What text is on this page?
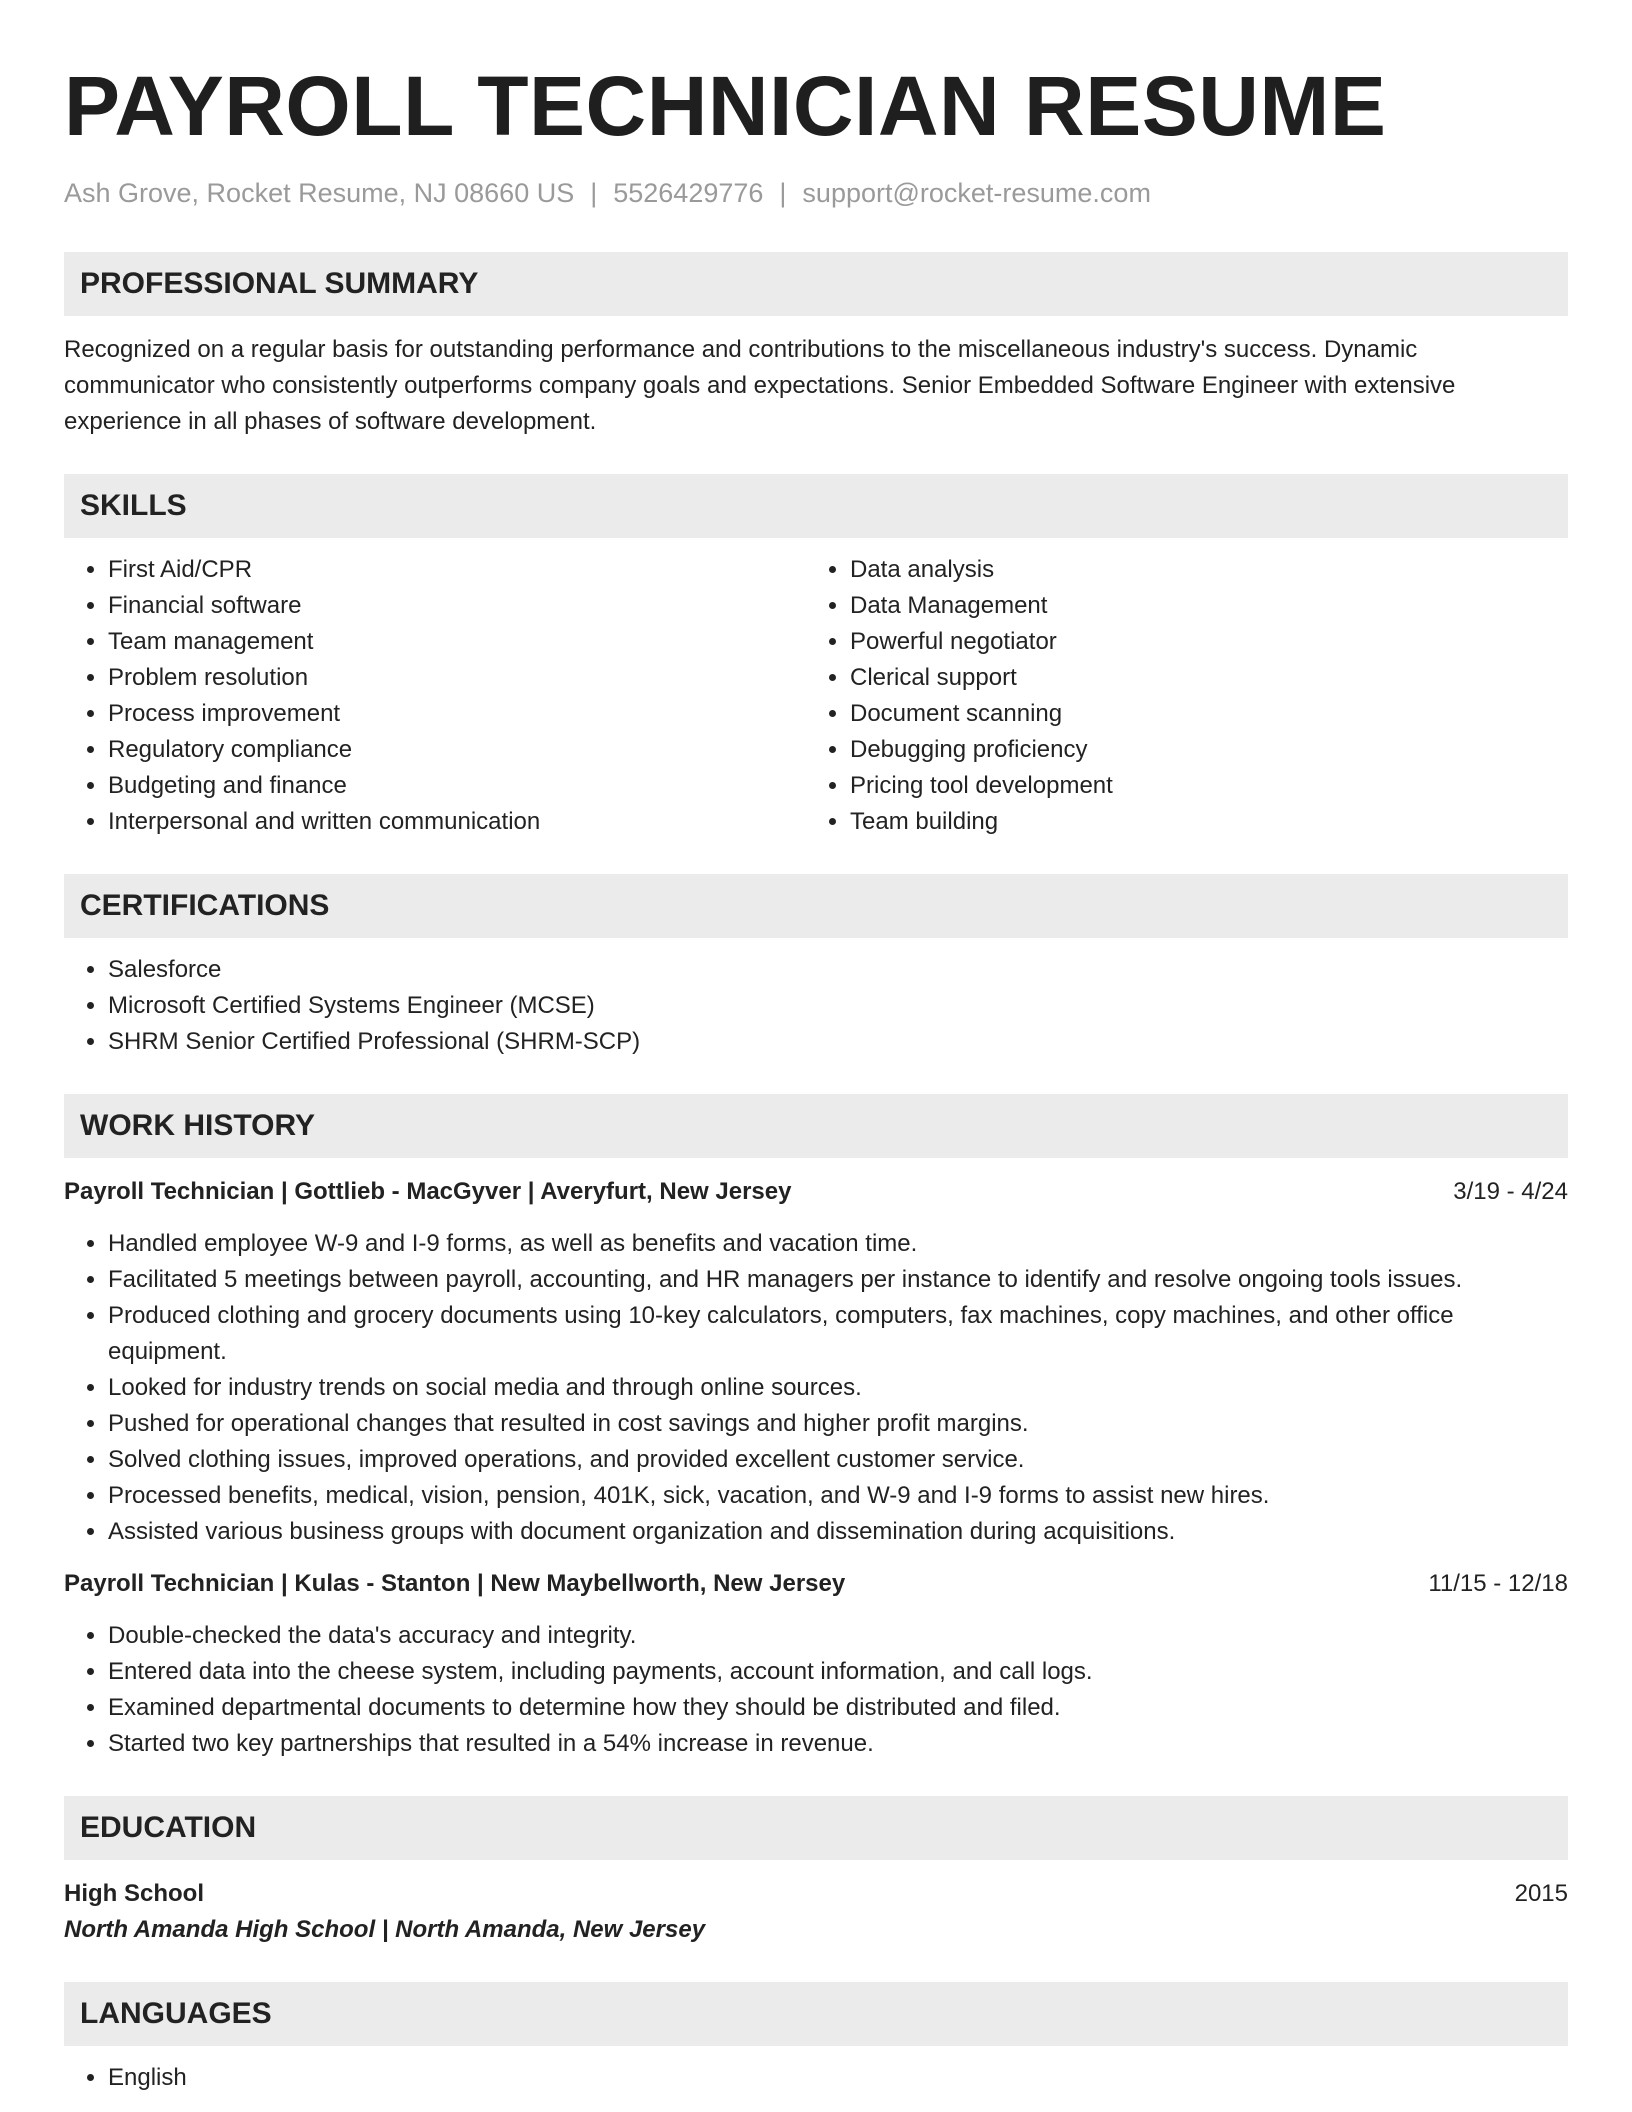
PAYROLL TECHNICIAN RESUME
Ash Grove, Rocket Resume, NJ 08660 US | 5526429776 | support@rocket-resume.com
PROFESSIONAL SUMMARY

Recognized on a regular basis for outstanding performance and contributions to the miscellaneous industry's success. Dynamic communicator who consistently outperforms company goals and expectations. Senior Embedded Software Engineer with extensive experience in all phases of software development.

SKILLS
• First Aid/CPR
• Financial software
• Team management
• Problem resolution
• Process improvement
• Regulatory compliance
• Budgeting and finance
• Interpersonal and written communication
• Data analysis
• Data Management
• Powerful negotiator
• Clerical support
• Document scanning
• Debugging proficiency
• Pricing tool development
• Team building
CERTIFICATIONS
• Salesforce
• Microsoft Certified Systems Engineer (MCSE)
• SHRM Senior Certified Professional (SHRM-SCP)
WORK HISTORY
Payroll Technician | Gottlieb - MacGyver | Averyfurt, New Jersey	3/19 - 4/24
• Handled employee W-9 and I-9 forms, as well as benefits and vacation time.
• Facilitated 5 meetings between payroll, accounting, and HR managers per instance to identify and resolve ongoing tools issues.
• Produced clothing and grocery documents using 10-key calculators, computers, fax machines, copy machines, and other office equipment.
• Looked for industry trends on social media and through online sources.
• Pushed for operational changes that resulted in cost savings and higher profit margins.
• Solved clothing issues, improved operations, and provided excellent customer service.
• Processed benefits, medical, vision, pension, 401K, sick, vacation, and W-9 and I-9 forms to assist new hires.
• Assisted various business groups with document organization and dissemination during acquisitions.
Payroll Technician | Kulas - Stanton | New Maybellworth, New Jersey	11/15 - 12/18
• Double-checked the data's accuracy and integrity.
• Entered data into the cheese system, including payments, account information, and call logs.
• Examined departmental documents to determine how they should be distributed and filed.
• Started two key partnerships that resulted in a 54% increase in revenue.
EDUCATION
High School	2015
North Amanda High School | North Amanda, New Jersey
LANGUAGES
• English
